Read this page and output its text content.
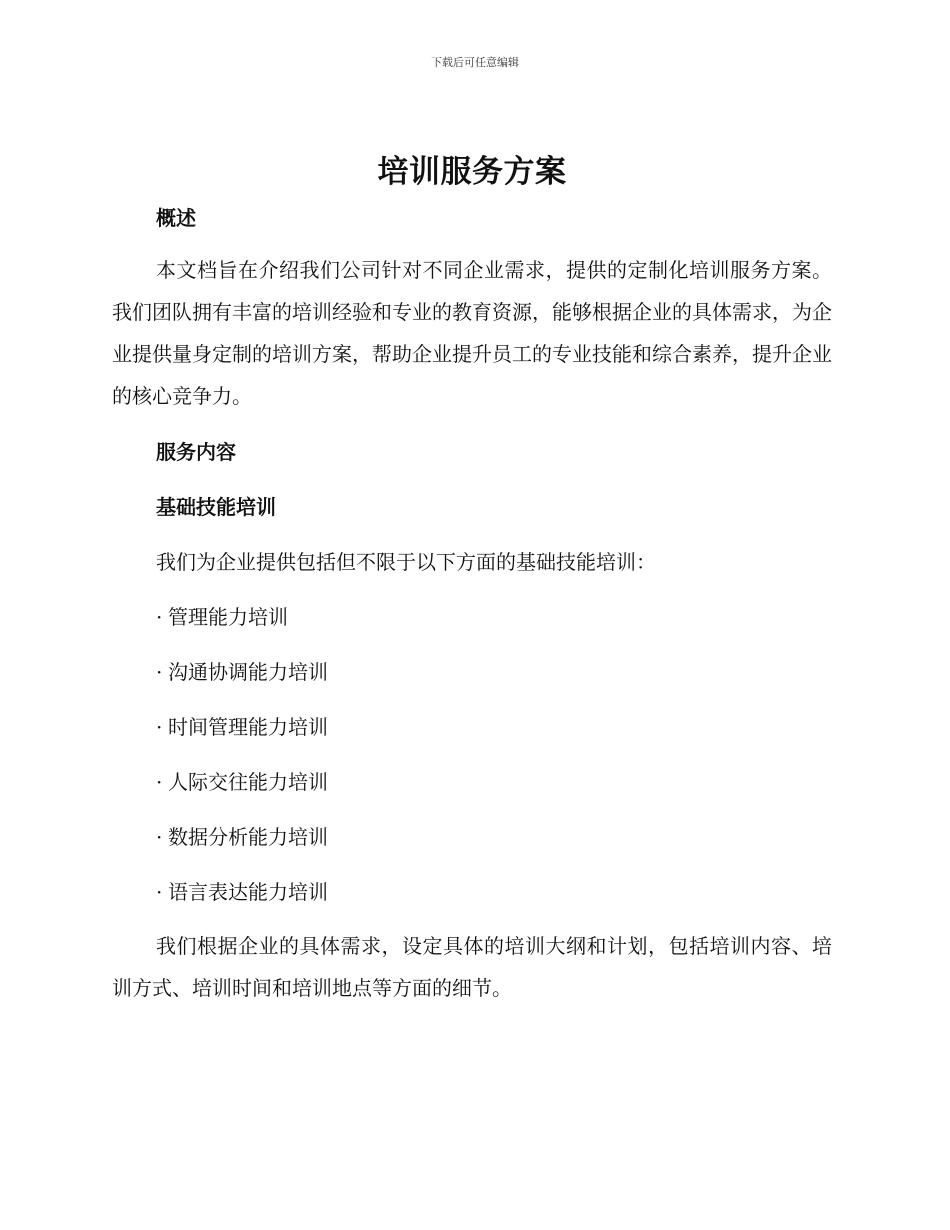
下载后可任意编辑
培训服务方案
概述

本文档旨在介绍我们公司针对不同企业需求，提供的定制化培训服务方案。我们团队拥有丰富的培训经验和专业的教育资源，能够根据企业的具体需求，为企业提供量身定制的培训方案，帮助企业提升员工的专业技能和综合素养，提升企业的核心竞争力。

服务内容
基础技能培训

我们为企业提供包括但不限于以下方面的基础技能培训：

· 管理能力培训
· 沟通协调能力培训
· 时间管理能力培训
· 人际交往能力培训
· 数据分析能力培训
· 语言表达能力培训

我们根据企业的具体需求，设定具体的培训大纲和计划，包括培训内容、培训方式、培训时间和培训地点等方面的细节。
